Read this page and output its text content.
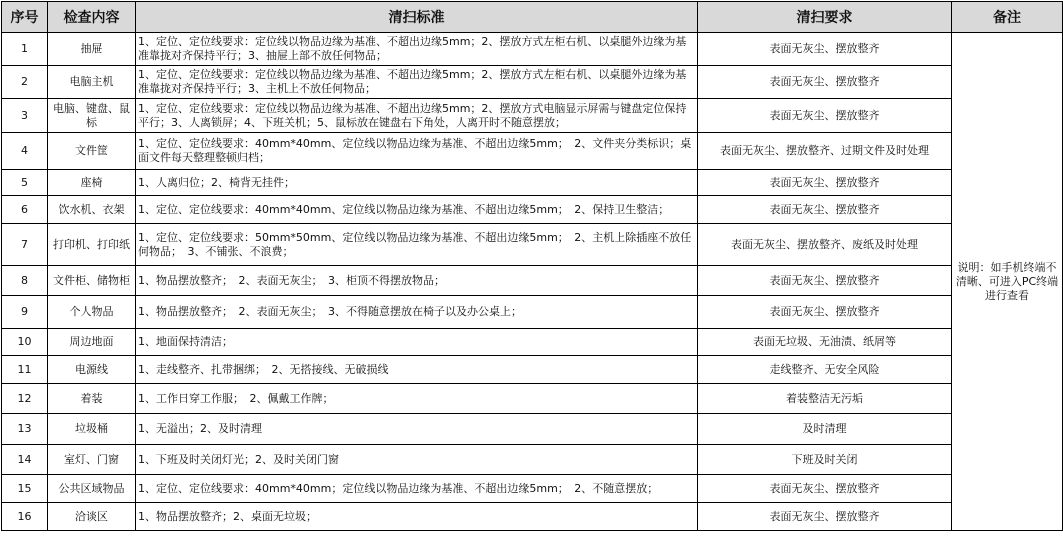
序号	检查内容	清扫标准	清扫要求	备注
1	抽屉	1、定位、定位线要求：定位线以物品边缘为基准、不超出边缘5mm；2、摆放方式左柜右机、以桌腿外边缘为基准靠拢对齐保持平行；3、抽屉上部不放任何物品；	表面无灰尘、摆放整齐	说明：如手机终端不清晰、可进入PC终端进行查看
2	电脑主机	1、定位、定位线要求：定位线以物品边缘为基准、不超出边缘5mm；2、摆放方式左柜右机、以桌腿外边缘为基准靠拢对齐保持平行；3、主机上不放任何物品；	表面无灰尘、摆放整齐	
3	电脑、键盘、鼠标	1、定位、定位线要求：定位线以物品边缘为基准、不超出边缘5mm；2、摆放方式电脑显示屏需与键盘定位保持平行；3、人离锁屏；4、下班关机；5、鼠标放在键盘右下角处，人离开时不随意摆放；	表面无灰尘、摆放整齐	
4	文件筐	1、定位、定位线要求：40mm*40mm、定位线以物品边缘为基准、不超出边缘5mm；　2、文件夹分类标识；桌面文件每天整理整顿归档；	表面无灰尘、摆放整齐、过期文件及时处理	
5	座椅	1、人离归位；2、椅背无挂件；	表面无灰尘、摆放整齐	
6	饮水机、衣架	1、定位、定位线要求：40mm*40mm、定位线以物品边缘为基准、不超出边缘5mm；　2、保持卫生整洁；	表面无灰尘、摆放整齐	
7	打印机、打印纸	1、定位、定位线要求：50mm*50mm、定位线以物品边缘为基准、不超出边缘5mm；　2、主机上除插座不放任何物品；　3、不铺张、不浪费；	表面无灰尘、摆放整齐、废纸及时处理	
8	文件柜、储物柜	1、物品摆放整齐；　2、表面无灰尘；　3、柜顶不得摆放物品；	表面无灰尘、摆放整齐	
9	个人物品	1、物品摆放整齐；　2、表面无灰尘；　3、不得随意摆放在椅子以及办公桌上；	表面无灰尘、摆放整齐	
10	周边地面	1、地面保持清洁；	表面无垃圾、无油渍、纸屑等	
11	电源线	1、走线整齐、扎带捆绑；　2、无搭接线、无破损线	走线整齐、无安全风险	
12	着装	1、工作日穿工作服；　2、佩戴工作牌；	着装整洁无污垢	
13	垃圾桶	1、无溢出；2、及时清理	及时清理	
14	室灯、门窗	1、下班及时关闭灯光；2、及时关闭门窗	下班及时关闭	
15	公共区域物品	1、定位、定位线要求：40mm*40mm；定位线以物品边缘为基准、不超出边缘5mm；　2、不随意摆放；	表面无灰尘、摆放整齐	
16	洽谈区	1、物品摆放整齐；2、桌面无垃圾；	表面无灰尘、摆放整齐	
